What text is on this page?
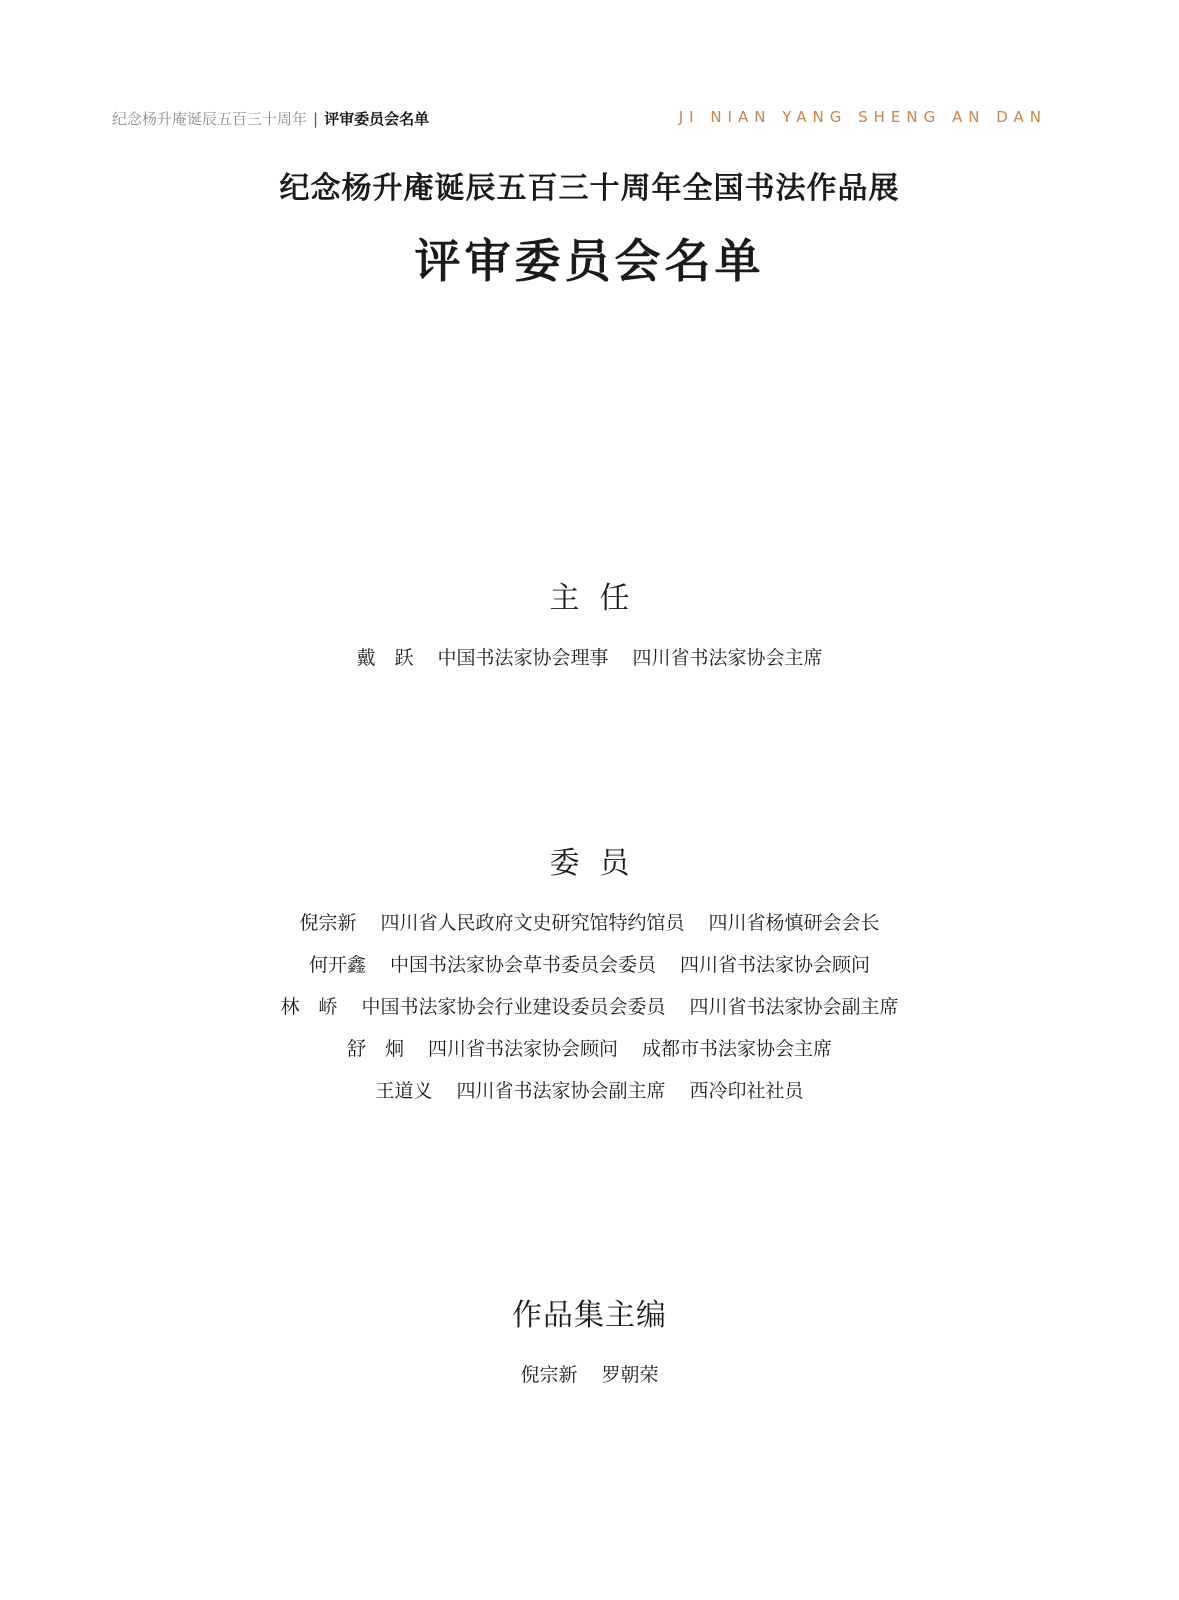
纪念杨升庵诞辰五百三十周年 | 评审委员会名单	JI NIAN YANG SHENG AN DAN
纪念杨升庵诞辰五百三十周年全国书法作品展
评审委员会名单
主任
戴　跃 中国书法家协会理事 四川省书法家协会主席
委员
倪宗新 四川省人民政府文史研究馆特约馆员 四川省杨慎研会会长
何开鑫 中国书法家协会草书委员会委员 四川省书法家协会顾问
林　峤 中国书法家协会行业建设委员会委员 四川省书法家协会副主席
舒　炯 四川省书法家协会顾问 成都市书法家协会主席
王道义 四川省书法家协会副主席 西冷印社社员
作品集主编
倪宗新 罗朝荣
